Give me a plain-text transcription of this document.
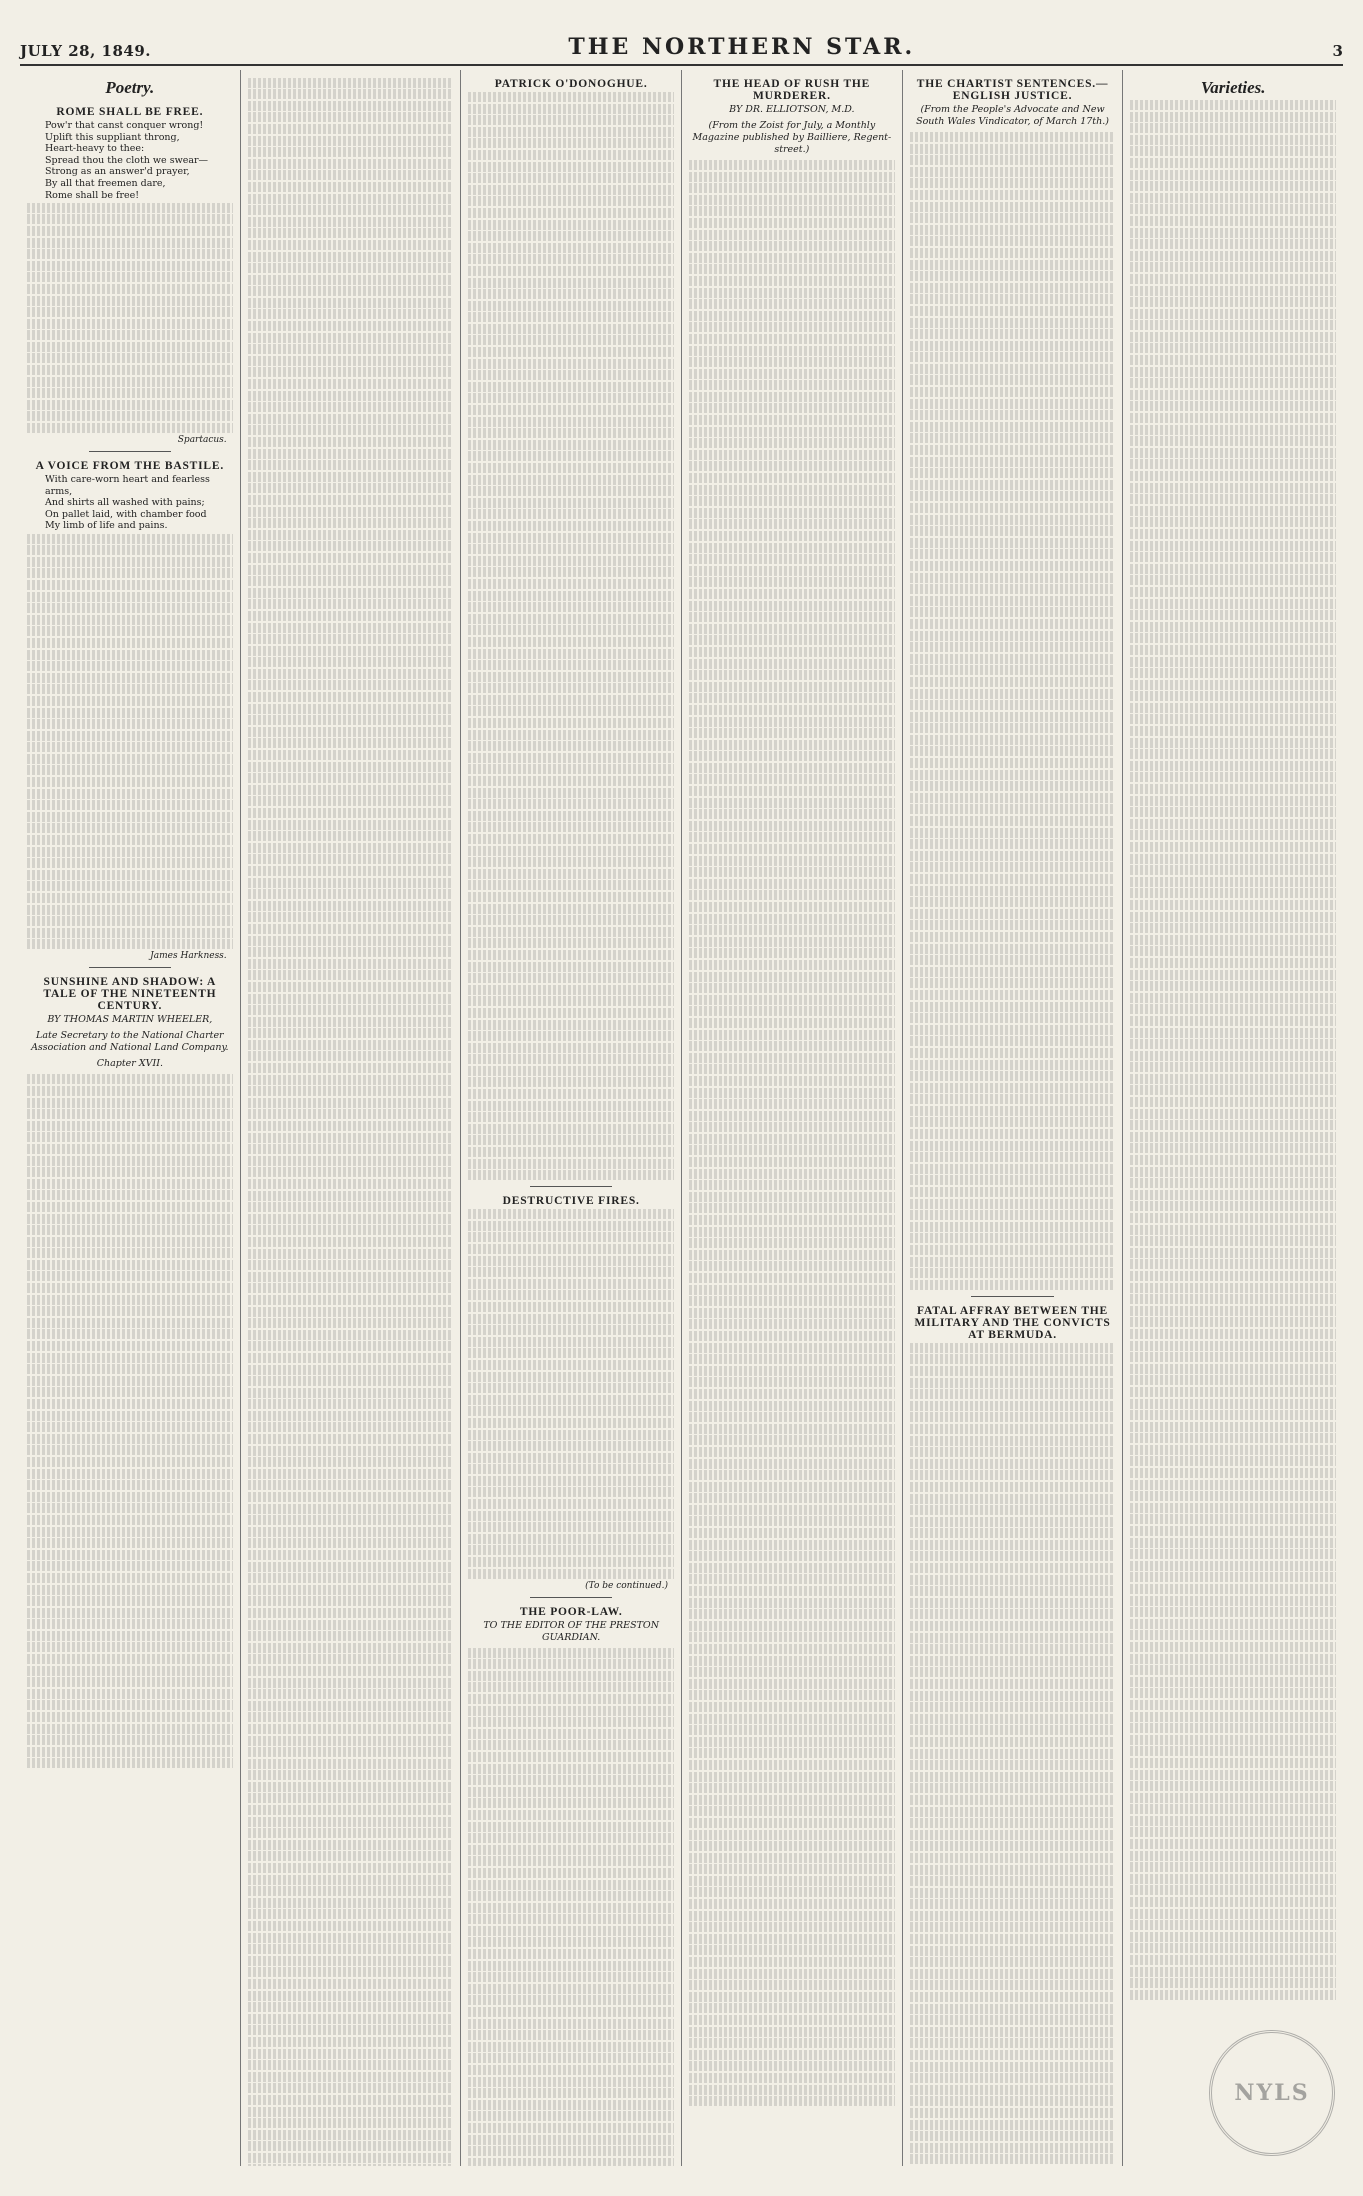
JULY 28, 1849.	THE NORTHERN STAR.	3
Poetry.
ROME SHALL BE FREE.
Pow'r that canst conquer wrong!
Uplift this suppliant throng,
Heart-heavy to thee:
Spread thou the cloth we swear—
Strong as an answer'd prayer,
By all that freemen dare,
Rome shall be free!
Spartacus.
A VOICE FROM THE BASTILE.
With care-worn heart and fearless arms,
And shirts all washed with pains;
On pallet laid, with chamber food
My limb of life and pains.
James Harkness.
SUNSHINE AND SHADOW: A TALE OF THE NINETEENTH CENTURY.
BY THOMAS MARTIN WHEELER,
Late Secretary to the National Charter Association and National Land Company.
Chapter XVII.
PATRICK O'DONOGHUE.
DESTRUCTIVE FIRES.
(To be continued.)
THE POOR-LAW.
TO THE EDITOR OF THE PRESTON GUARDIAN.
THE HEAD OF RUSH THE MURDERER.
BY DR. ELLIOTSON, M.D.
(From the Zoist for July, a Monthly Magazine published by Bailliere, Regent-street.)
THE CHARTIST SENTENCES.—ENGLISH JUSTICE.
(From the People's Advocate and New South Wales Vindicator, of March 17th.)
FATAL AFFRAY BETWEEN THE MILITARY AND THE CONVICTS AT BERMUDA.
Varieties.
NYLS
